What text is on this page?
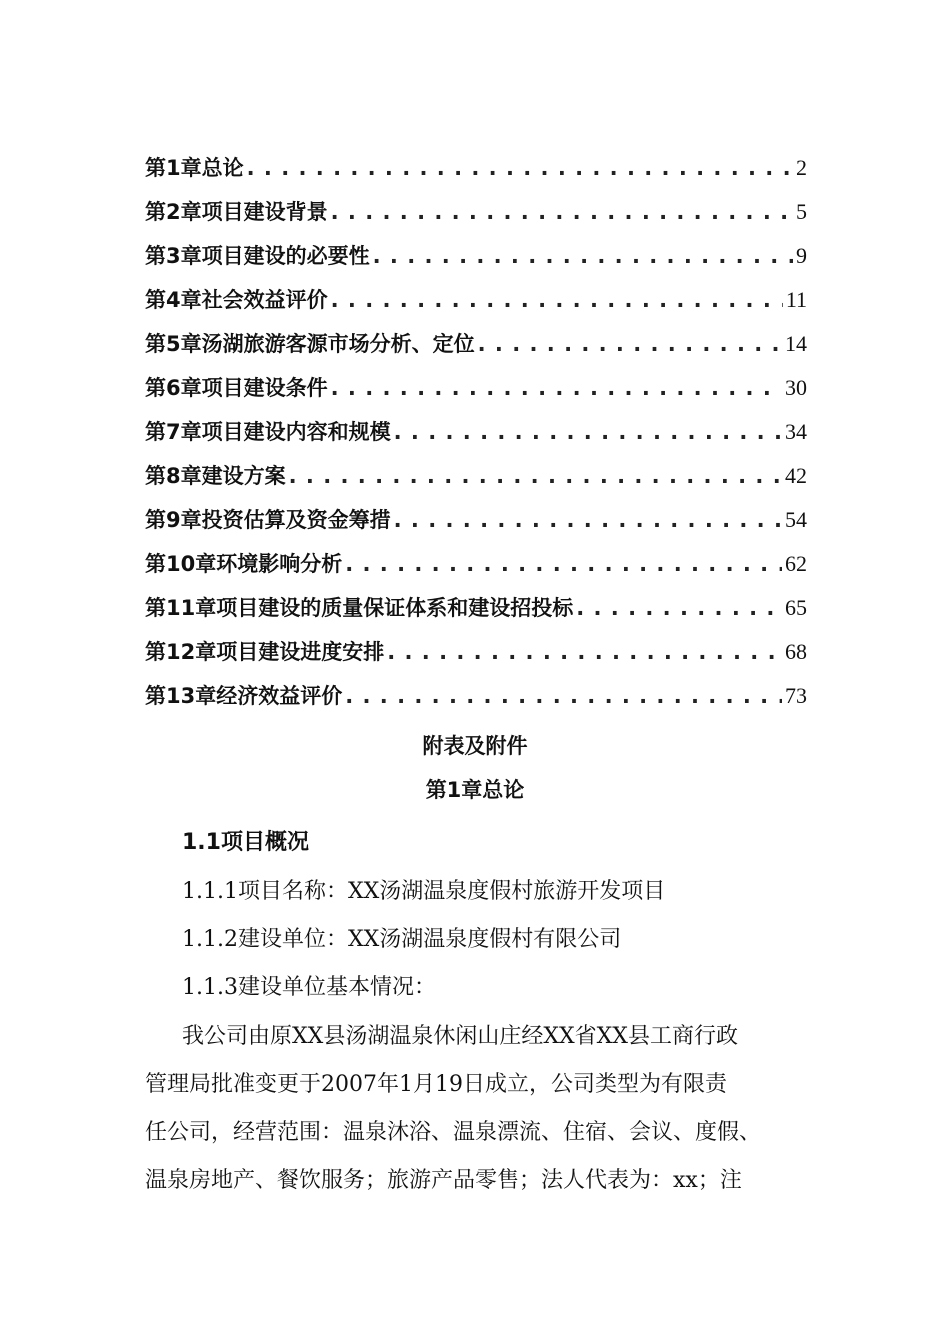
第1章总论 . . .	2
第2章项目建设背景 . . .	5
第3章项目建设的必要性 . . .	9
第4章社会效益评价 . . .	11
第5章汤湖旅游客源市场分析、定位 . . .	14
第6章项目建设条件 . . .	30
第7章项目建设内容和规模 . . .	34
第8章建设方案 . . .	42
第9章投资估算及资金筹措 . . .	54
第10章环境影响分析 . . .	62
第11章项目建设的质量保证体系和建设招投标 . . .	65
第12章项目建设进度安排 . . .	68
第13章经济效益评价 . . .	73
附表及附件
第1章总论
1.1项目概况
1.1.1项目名称：XX汤湖温泉度假村旅游开发项目
1.1.2建设单位：XX汤湖温泉度假村有限公司
1.1.3建设单位基本情况：
我公司由原XX县汤湖温泉休闲山庄经XX省XX县工商行政
管理局批准变更于2007年1月19日成立，公司类型为有限责
任公司，经营范围：温泉沐浴、温泉漂流、住宿、会议、度假、
温泉房地产、餐饮服务；旅游产品零售；法人代表为：xx；注
